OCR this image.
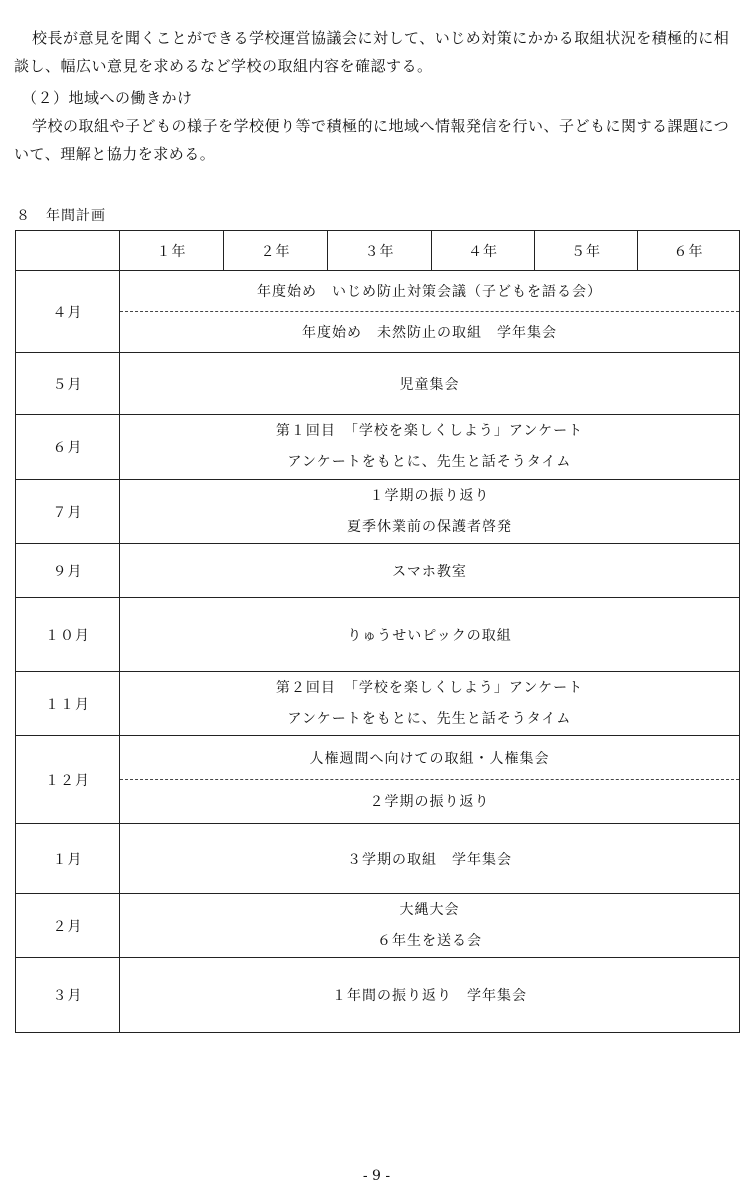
校長が意見を聞くことができる学校運営協議会に対して、いじめ対策にかかる取組状況を積極的に相談し、幅広い意見を求めるなど学校の取組内容を確認する。

（２）地域への働きかけ

学校の取組や子どもの様子を学校便り等で積極的に地域へ情報発信を行い、子どもに関する課題について、理解と協力を求める。

８　年間計画
	１年	２年	３年	４年	５年	６年
４月	年度始め　いじめ防止対策会議（子どもを語る会）
年度始め　未然防止の取組　学年集会					

５月	児童集会					

６月	第１回目　「学校を楽しくしよう」アンケート
アンケートをもとに、先生と話そうタイム					

７月	１学期の振り返り
夏季休業前の保護者啓発					

９月	スマホ教室					

１０月	りゅうせいピックの取組					

１１月	第２回目　「学校を楽しくしよう」アンケート
アンケートをもとに、先生と話そうタイム					

１２月	人権週間へ向けての取組・人権集会
２学期の振り返り					

１月	３学期の取組　学年集会					

２月	大縄大会
６年生を送る会					

３月	１年間の振り返り　学年集会					
- 9 -
